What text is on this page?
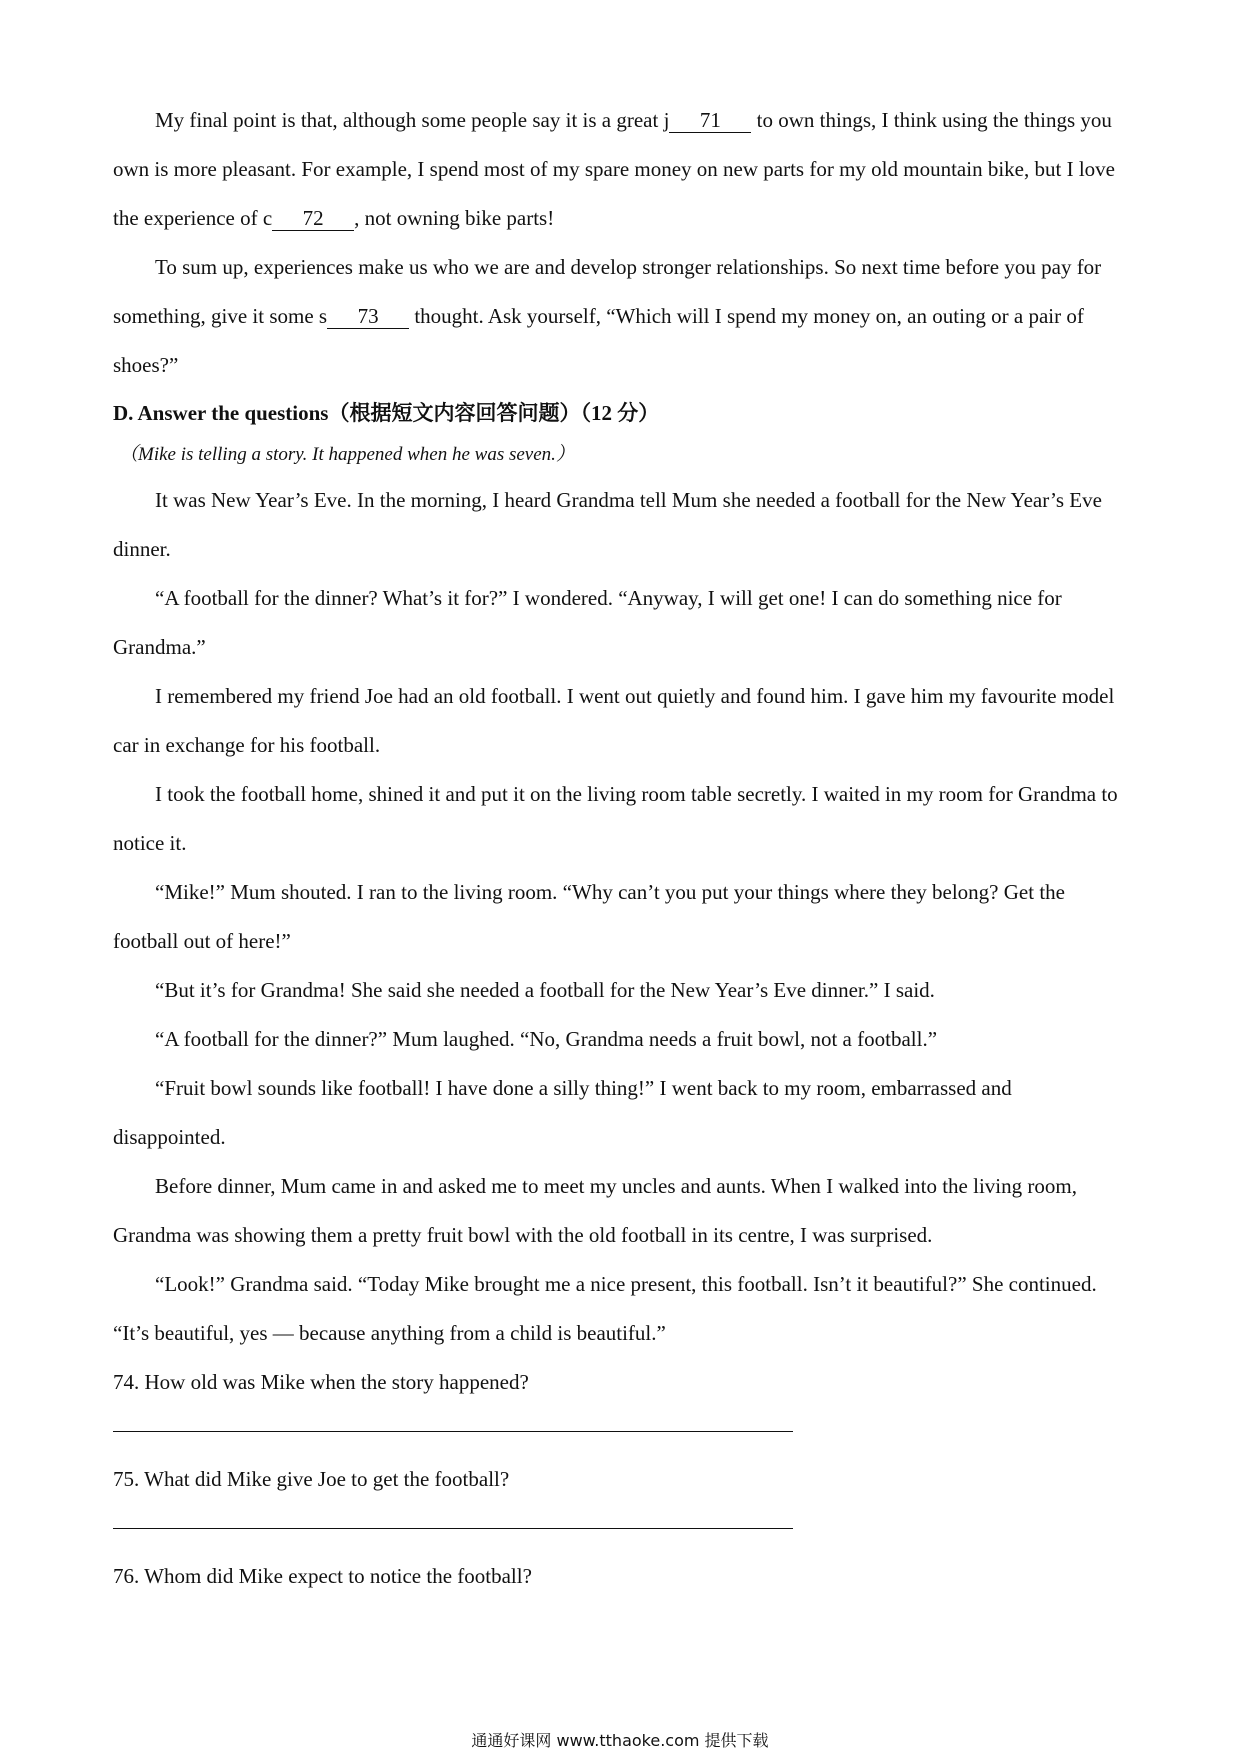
My final point is that, although some people say it is a great j 71 to own things, I think using the things you own is more pleasant. For example, I spend most of my spare money on new parts for my old mountain bike, but I love the experience of c 72 , not owning bike parts!

To sum up, experiences make us who we are and develop stronger relationships. So next time before you pay for something, give it some s 73 thought. Ask yourself, “Which will I spend my money on, an outing or a pair of shoes?”

D. Answer the questions（根据短文内容回答问题）（12 分）
（Mike is telling a story. It happened when he was seven.）

It was New Year’s Eve. In the morning, I heard Grandma tell Mum she needed a football for the New Year’s Eve dinner.

“A football for the dinner? What’s it for?” I wondered. “Anyway, I will get one! I can do something nice for Grandma.”

I remembered my friend Joe had an old football. I went out quietly and found him. I gave him my favourite model car in exchange for his football.

I took the football home, shined it and put it on the living room table secretly. I waited in my room for Grandma to notice it.

“Mike!” Mum shouted. I ran to the living room. “Why can’t you put your things where they belong? Get the football out of here!”

“But it’s for Grandma! She said she needed a football for the New Year’s Eve dinner.” I said.

“A football for the dinner?” Mum laughed. “No, Grandma needs a fruit bowl, not a football.”

“Fruit bowl sounds like football! I have done a silly thing!” I went back to my room, embarrassed and disappointed.

Before dinner, Mum came in and asked me to meet my uncles and aunts. When I walked into the living room, Grandma was showing them a pretty fruit bowl with the old football in its centre, I was surprised.

“Look!” Grandma said. “Today Mike brought me a nice present, this football. Isn’t it beautiful?” She continued. “It’s beautiful, yes — because anything from a child is beautiful.”

74. How old was Mike when the story happened?
75. What did Mike give Joe to get the football?
76. Whom did Mike expect to notice the football?
通通好课网 www.tthaoke.com 提供下载
